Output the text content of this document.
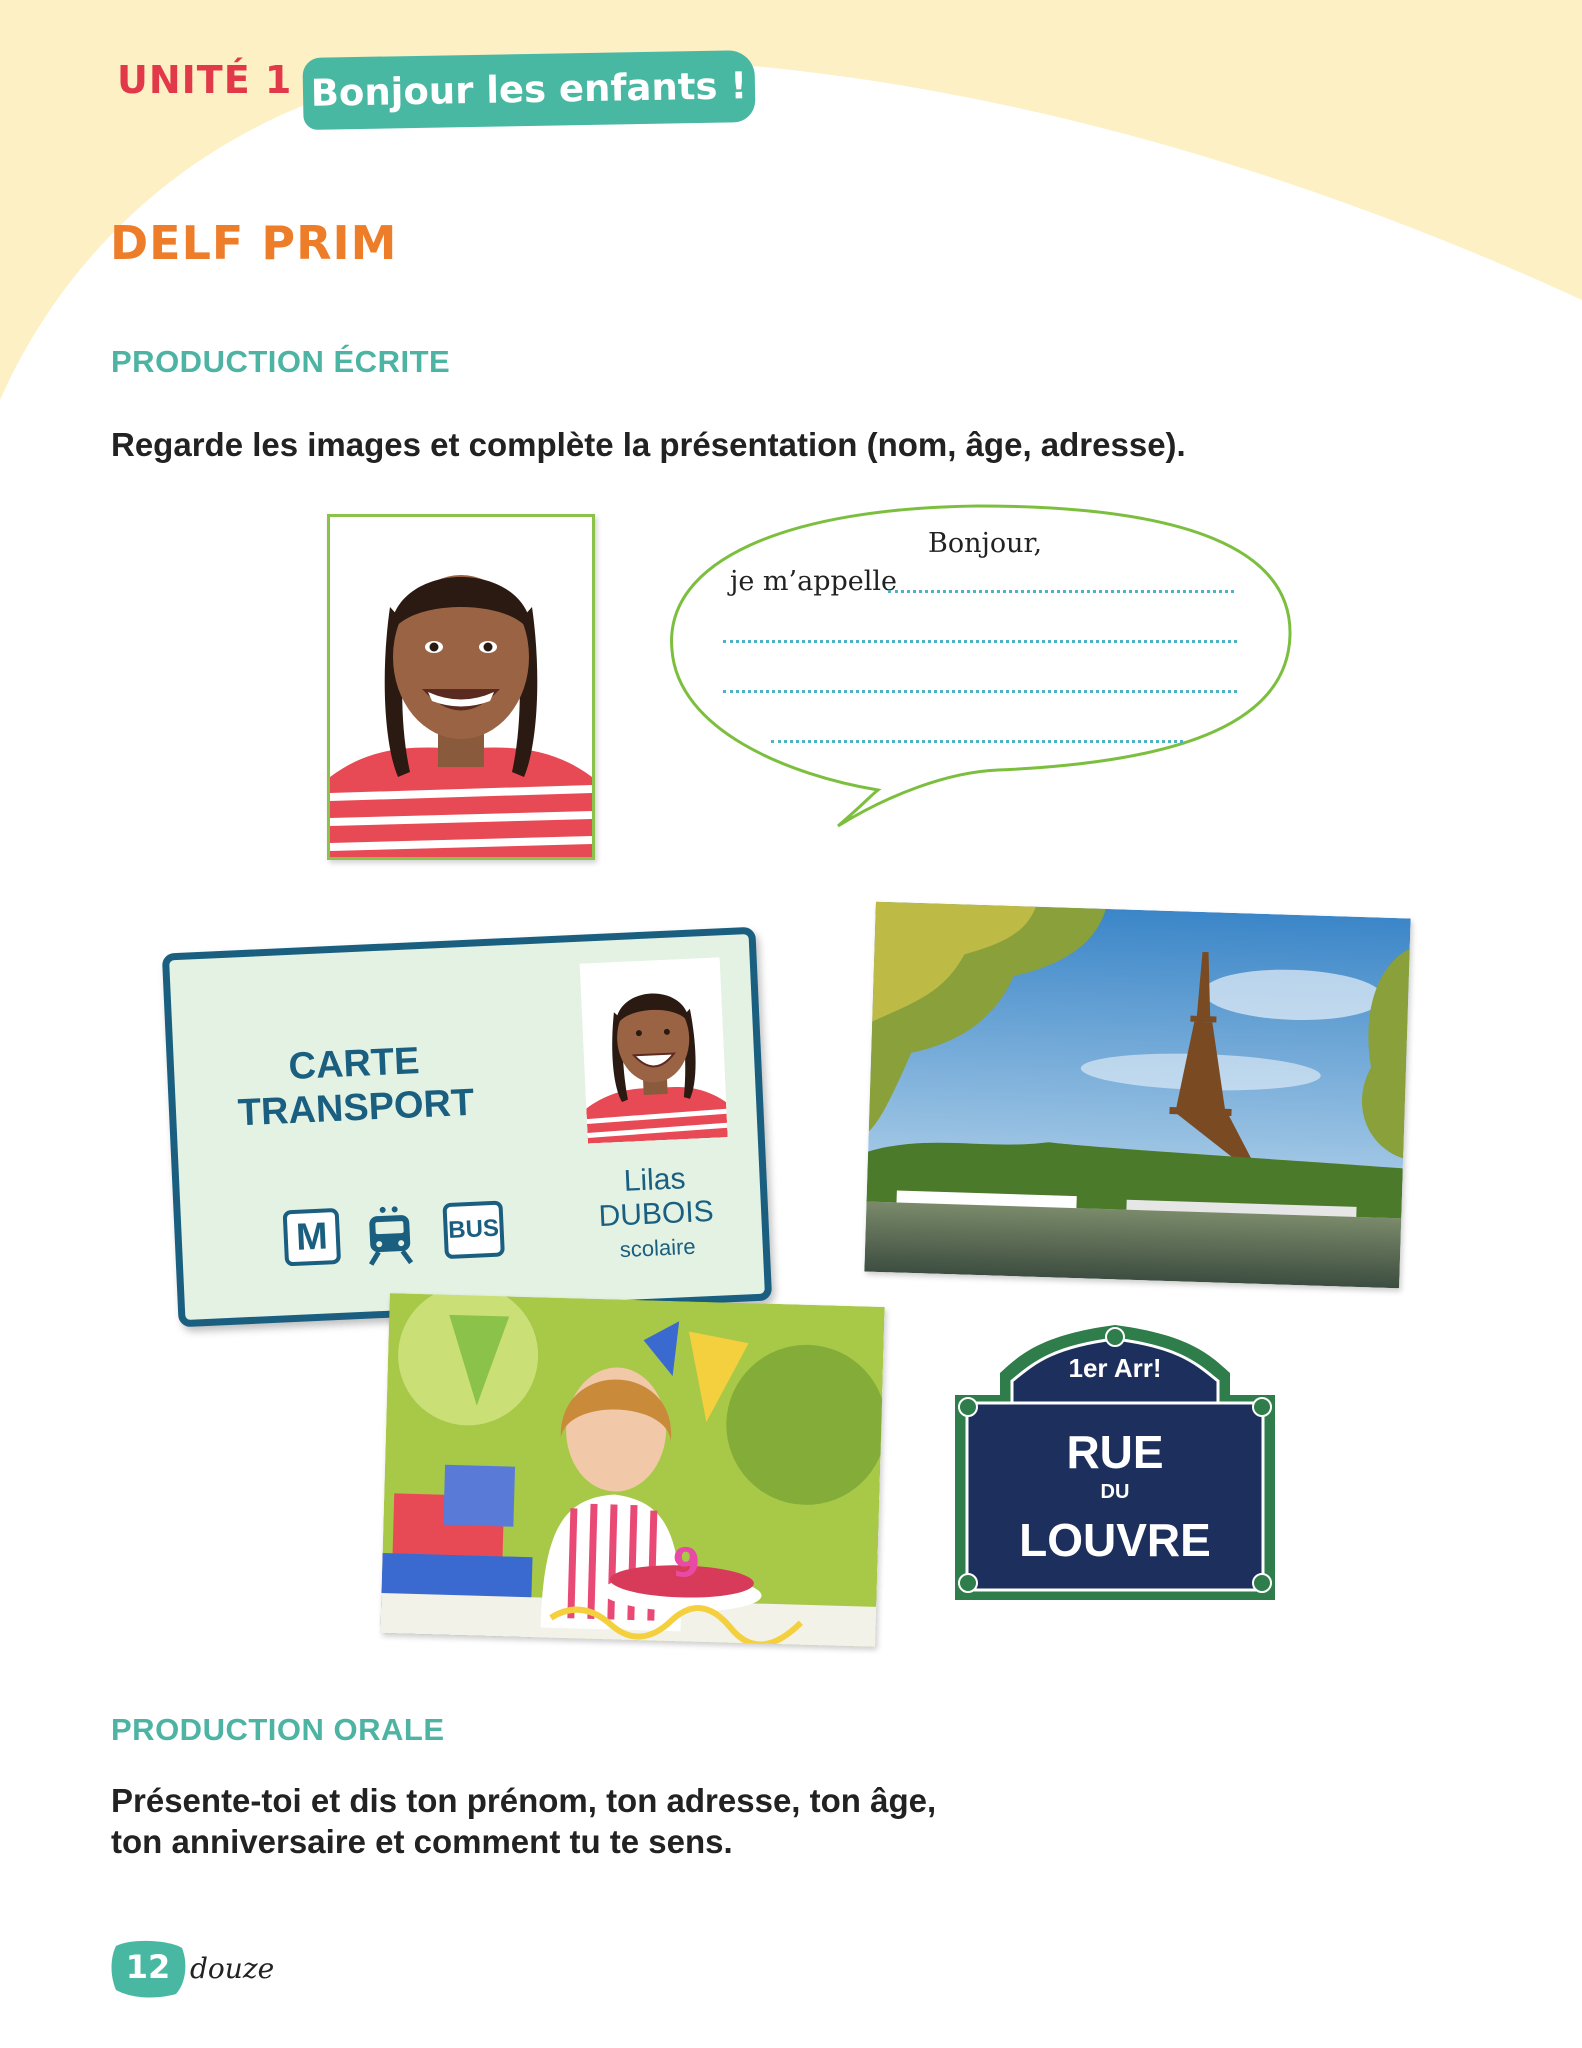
UNITÉ 1 Bonjour les enfants !
DELF PRIM
PRODUCTION ÉCRITE
Regarde les images et complète la présentation (nom, âge, adresse).
Bonjour,
je m’appelle
CARTE
TRANSPORT
Lilas
DUBOIS
scolaire
M	BUS
9
1er Arr!
RUE
DU
LOUVRE
PRODUCTION ORALE
Présente-toi et dis ton prénom, ton adresse, ton âge,
ton anniversaire et comment tu te sens.
12 douze
